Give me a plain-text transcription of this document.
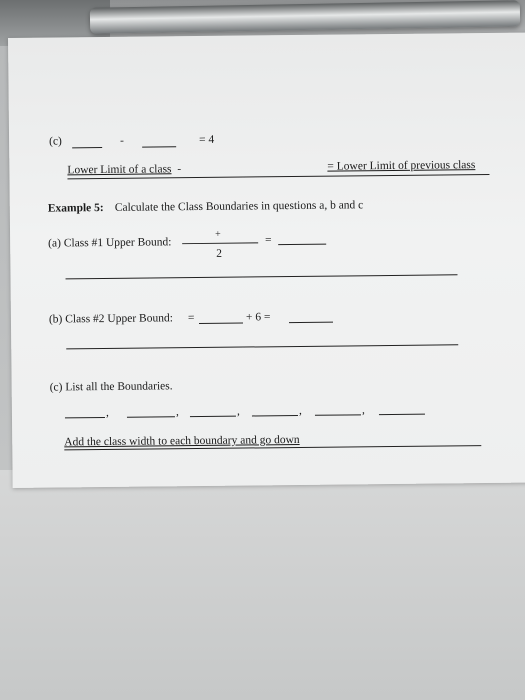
(c)	-	= 4
Lower Limit of a class -	= Lower Limit of previous class
Example 5: Calculate the Class Boundaries in questions a, b and c
(a) Class #1 Upper Bound:
+
2
=
(b) Class #2 Upper Bound: =	+ 6 =
(c) List all the Boundaries.
,	,	,	,	,
Add the class width to each boundary and go down
